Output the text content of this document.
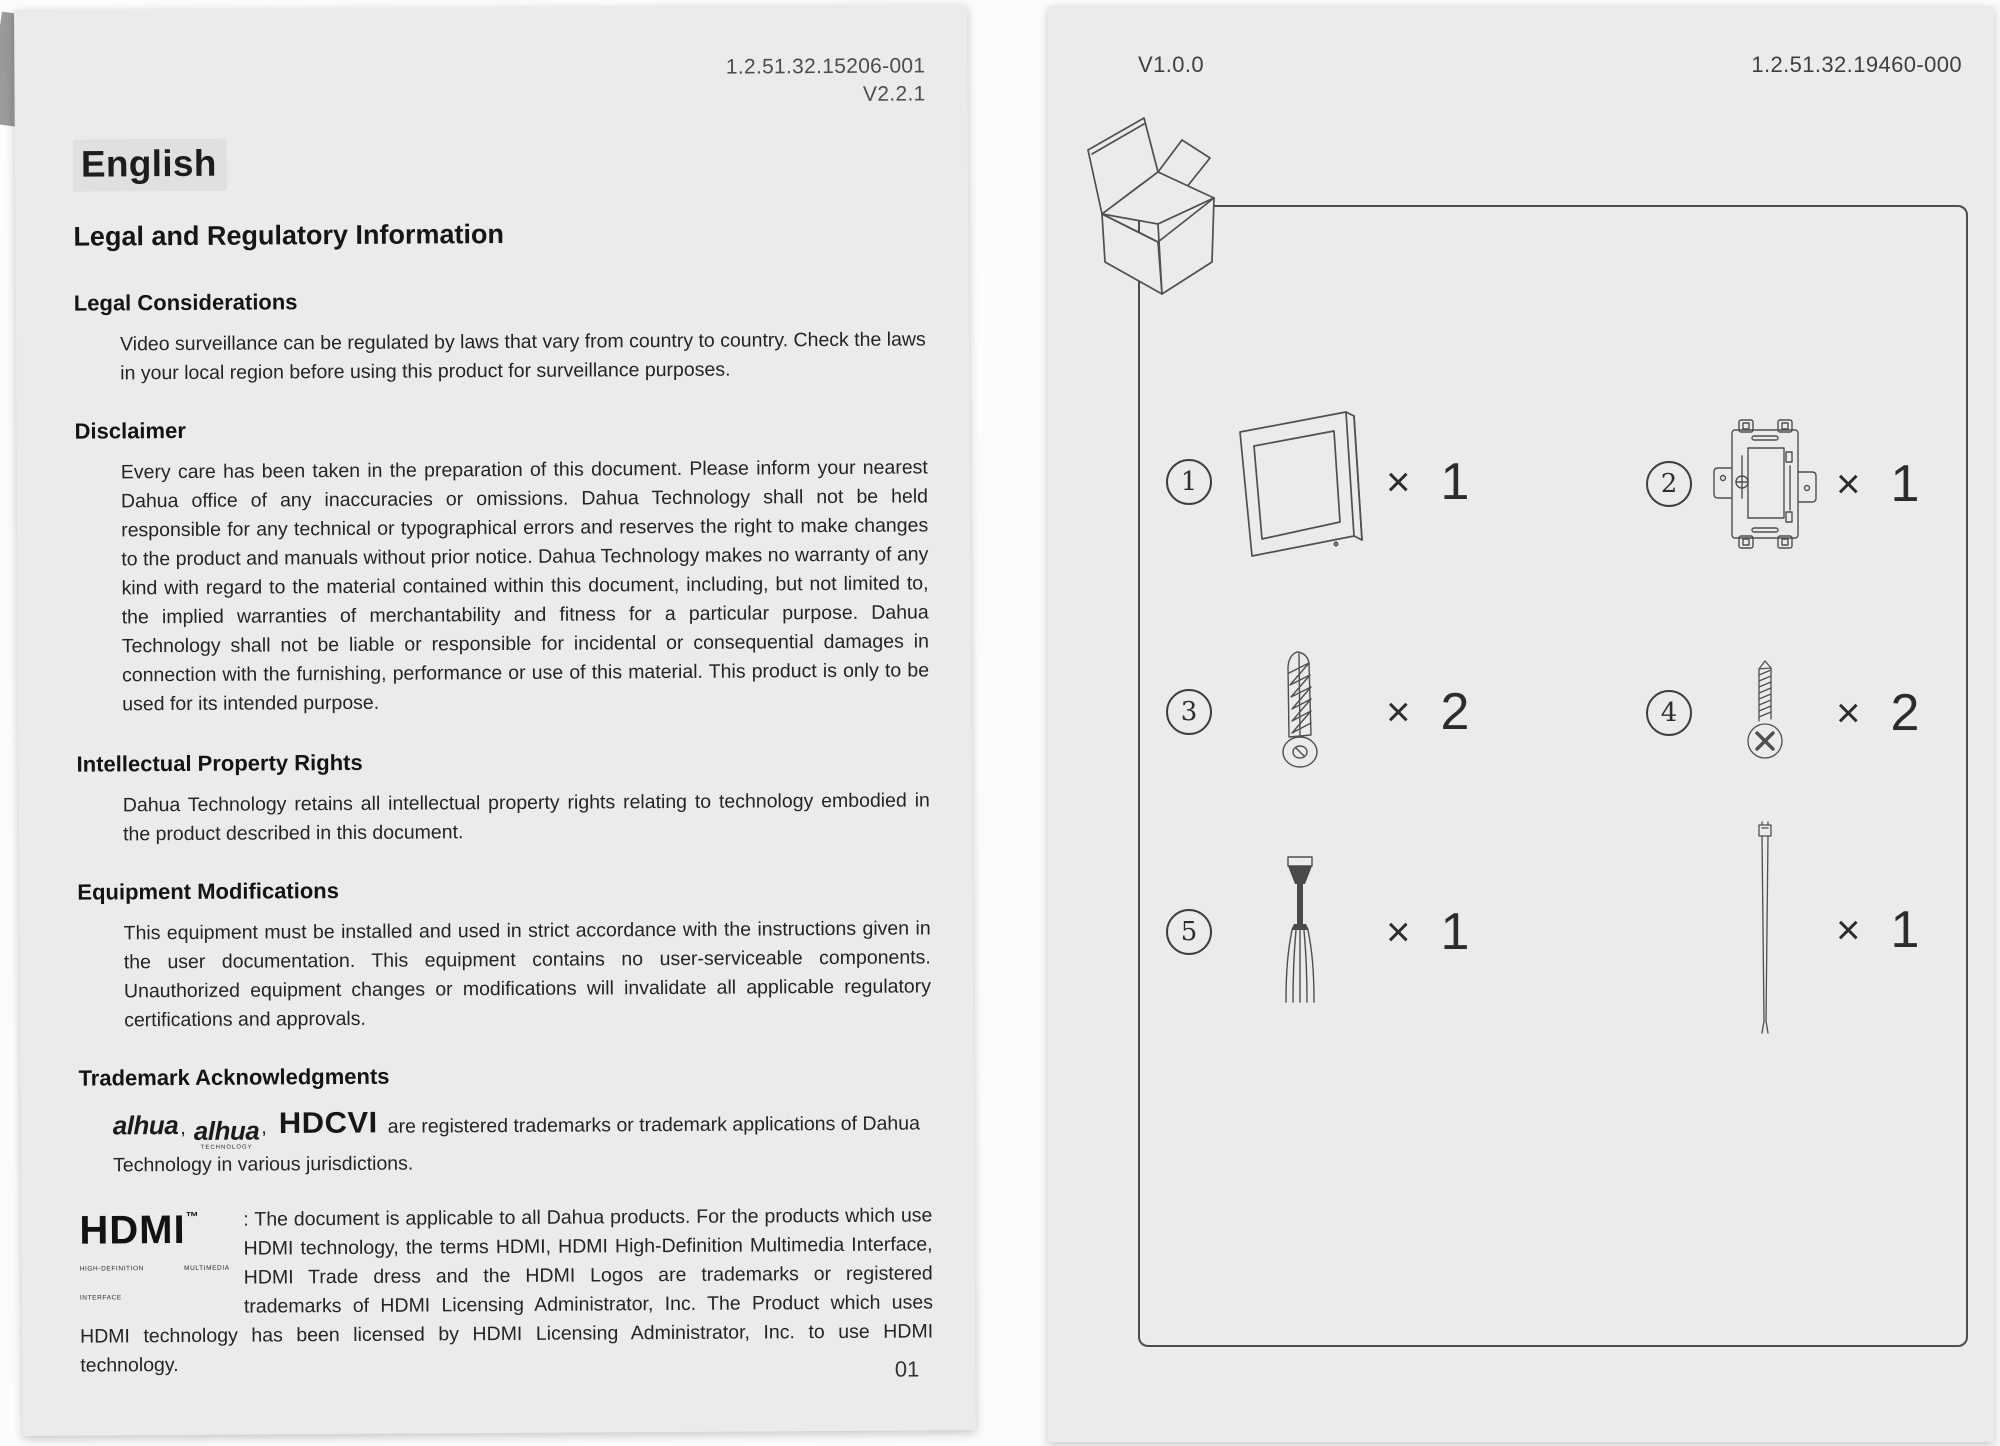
1.2.51.32.15206-001
V2.2.1
English
Legal and Regulatory Information
Legal Considerations

Video surveillance can be regulated by laws that vary from country to country. Check the laws in your local region before using this product for surveillance purposes.

Disclaimer

Every care has been taken in the preparation of this document. Please inform your nearest Dahua office of any inaccuracies or omissions. Dahua Technology shall not be held responsible for any technical or typographical errors and reserves the right to make changes to the product and manuals without prior notice. Dahua Technology makes no warranty of any kind with regard to the material contained within this document, including, but not limited to, the implied warranties of merchantability and fitness for a particular purpose. Dahua Technology shall not be liable or responsible for incidental or consequential damages in connection with the furnishing, performance or use of this material. This product is only to be used for its intended purpose.

Intellectual Property Rights

Dahua Technology retains all intellectual property rights relating to technology embodied in the product described in this document.

Equipment Modifications

This equipment must be installed and used in strict accordance with the instructions given in the user documentation. This equipment contains no user-serviceable components. Unauthorized equipment changes or modifications will invalidate all applicable regulatory certifications and approvals.

Trademark Acknowledgments

alhua, alhua
TECHNOLOGY
, HDCVI are registered trademarks or trademark applications of Dahua Technology in various jurisdictions.

HDMI™
HIGH-DEFINITION MULTIMEDIA INTERFACE
: The document is applicable to all Dahua products. For the products which use HDMI technology, the terms HDMI, HDMI High-Definition Multimedia Interface, HDMI Trade dress and the HDMI Logos are trademarks or registered trademarks of HDMI Licensing Administrator, Inc. The Product which uses HDMI technology has been licensed by HDMI Licensing Administrator, Inc. to use HDMI technology.	01
V1.0.0	1.2.51.32.19460-000
1	× 1	2	× 1
3	× 2	4	× 2
5	× 1	× 1
